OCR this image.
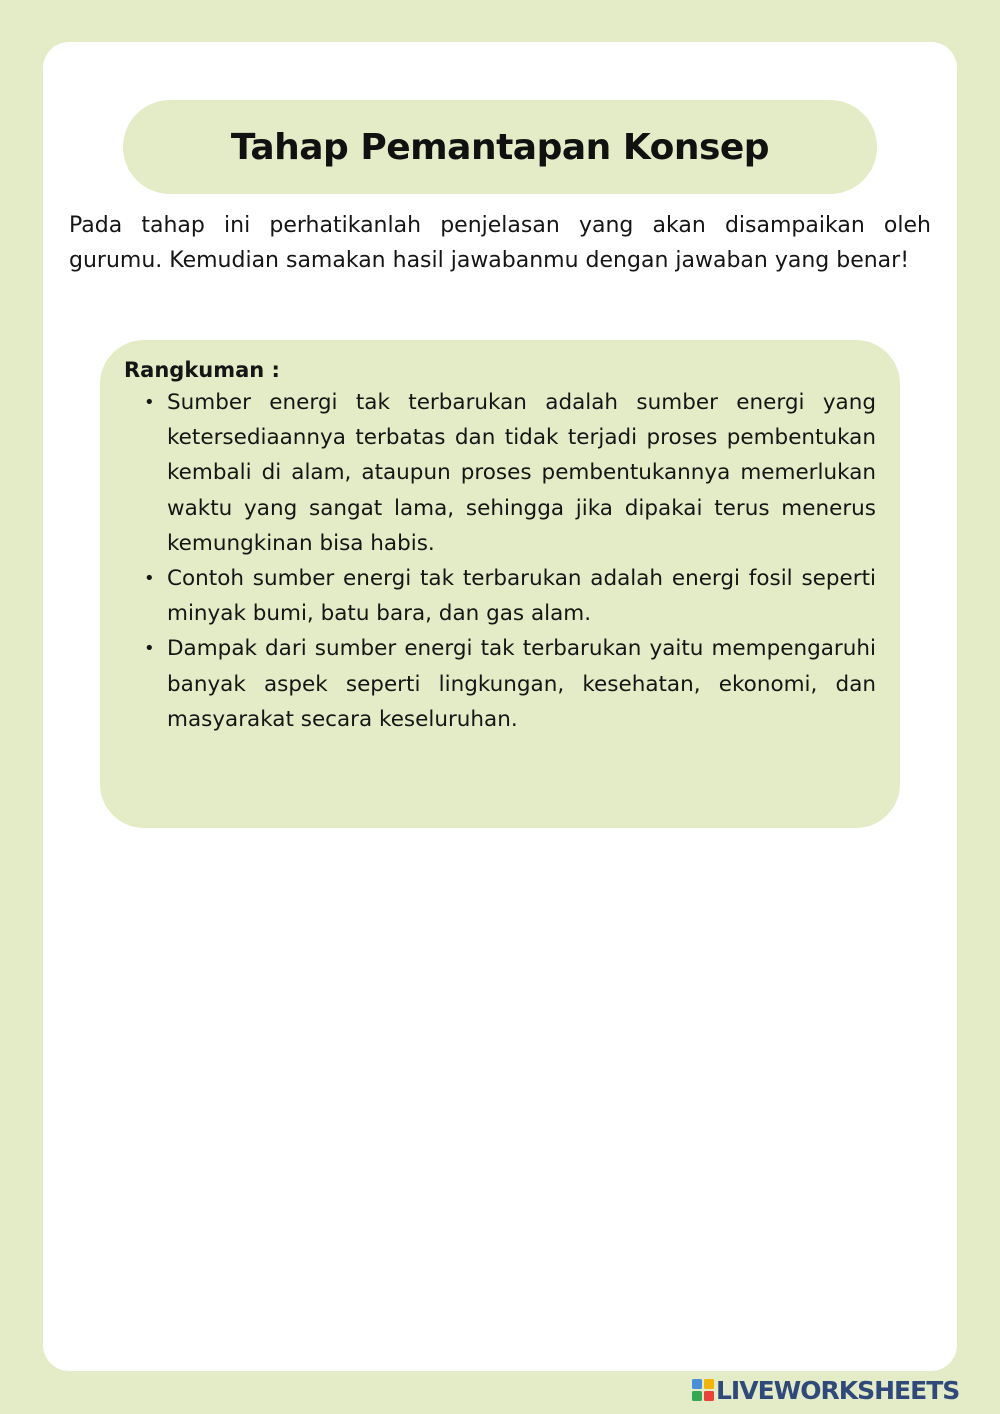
Tahap Pemantapan Konsep

Pada tahap ini perhatikanlah penjelasan yang akan disampaikan oleh gurumu. Kemudian samakan hasil jawabanmu dengan jawaban yang benar!

Rangkuman :

• Sumber energi tak terbarukan adalah sumber energi yang ketersediaannya terbatas dan tidak terjadi proses pembentukan kembali di alam, ataupun proses pembentukannya memerlukan waktu yang sangat lama, sehingga jika dipakai terus menerus kemungkinan bisa habis.
• Contoh sumber energi tak terbarukan adalah energi fosil seperti minyak bumi, batu bara, dan gas alam.
• Dampak dari sumber energi tak terbarukan yaitu mempengaruhi banyak aspek seperti lingkungan, kesehatan, ekonomi, dan masyarakat secara keseluruhan.
LIVEWORKSHEETS
